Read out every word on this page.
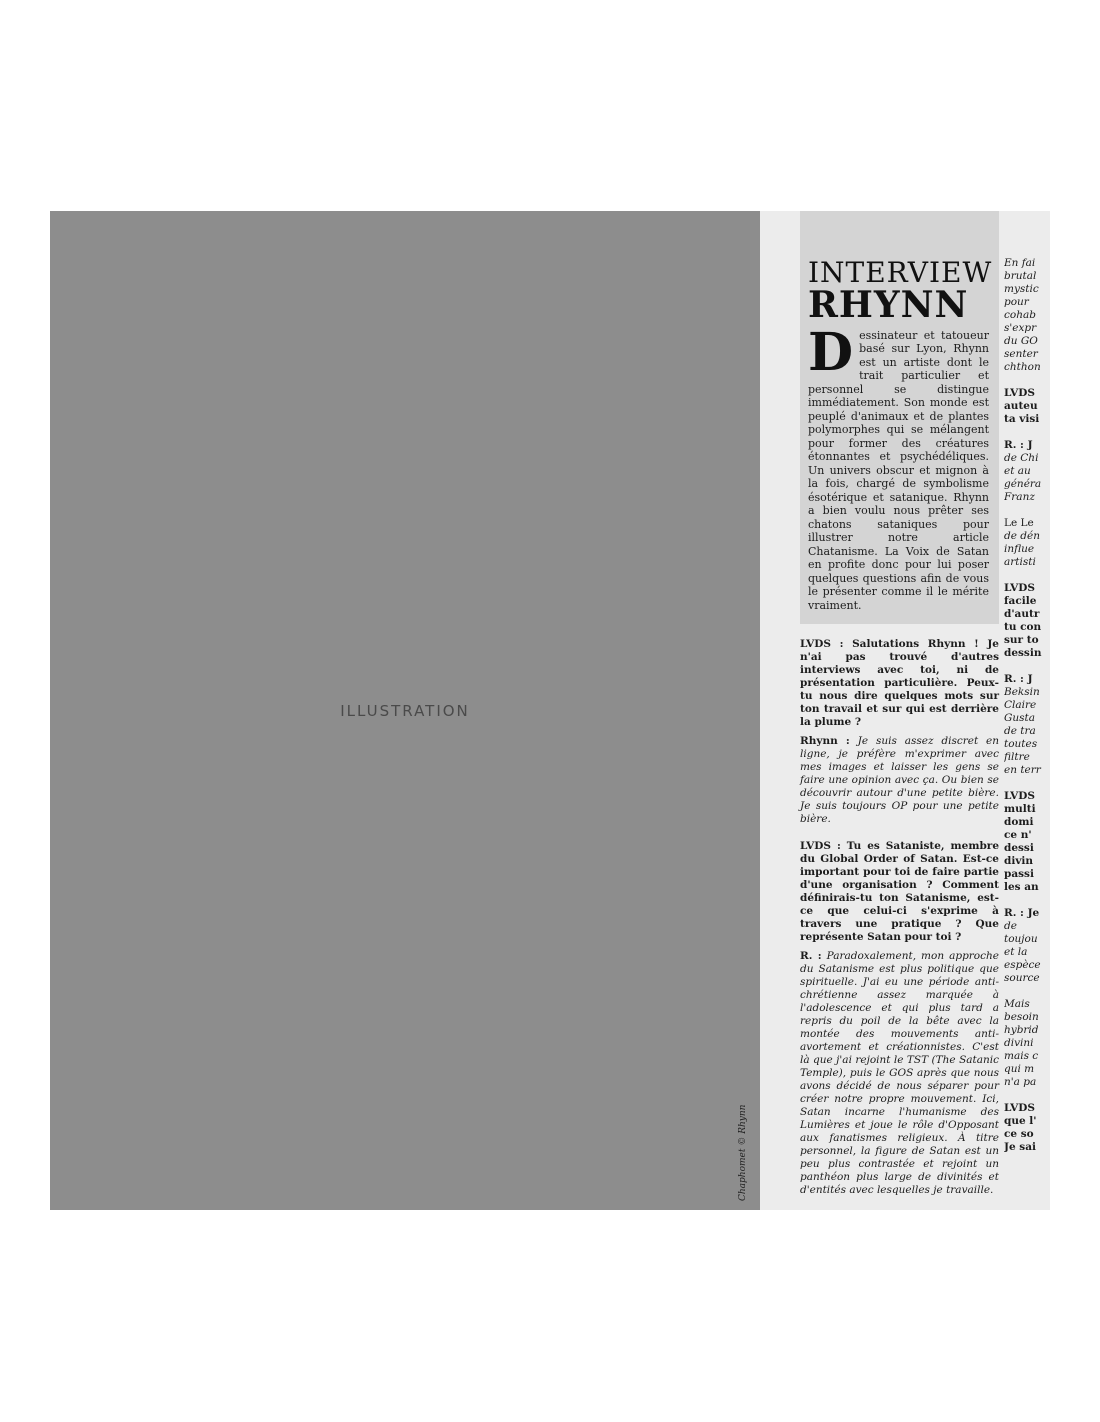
ILLUSTRATION
Chaphomet © Rhynn
INTERVIEW
RHYNN
D essinateur et tatoueur basé sur Lyon, Rhynn est un artiste dont le trait particulier et personnel se distingue immédiatement. Son monde est peuplé d'animaux et de plantes polymorphes qui se mélangent pour former des créatures étonnantes et psychédéliques. Un univers obscur et mignon à la fois, chargé de symbolisme ésotérique et satanique. Rhynn a bien voulu nous prêter ses chatons sataniques pour illustrer notre article Chatanisme. La Voix de Satan en profite donc pour lui poser quelques questions afin de vous le présenter comme il le mérite vraiment.

LVDS : Salutations Rhynn ! Je n'ai pas trouvé d'autres interviews avec toi, ni de présentation particulière. Peux-tu nous dire quelques mots sur ton travail et sur qui est derrière la plume ?

Rhynn : Je suis assez discret en ligne, je préfère m'exprimer avec mes images et laisser les gens se faire une opinion avec ça. Ou bien se découvrir autour d'une petite bière. Je suis toujours OP pour une petite bière.

LVDS : Tu es Sataniste, membre du Global Order of Satan. Est-ce important pour toi de faire partie d'une organisation ? Comment définirais-tu ton Satanisme, est-ce que celui-ci s'exprime à travers une pratique ? Que représente Satan pour toi ?

R. : Paradoxalement, mon approche du Satanisme est plus politique que spirituelle. J'ai eu une période anti-chrétienne assez marquée à l'adolescence et qui plus tard a repris du poil de la bête avec la montée des mouvements anti-avortement et créationnistes. C'est là que j'ai rejoint le TST (The Satanic Temple), puis le GOS après que nous avons décidé de nous séparer pour créer notre propre mouvement. Ici, Satan incarne l'humanisme des Lumières et joue le rôle d'Opposant aux fanatismes religieux. À titre personnel, la figure de Satan est un peu plus contrastée et rejoint un panthéon plus large de divinités et d'entités avec lesquelles je travaille.

En fai
brutal
mystic
pour
cohab
s'expr
du GO
senter
chthon
LVDS
auteu
ta visi
R. : J
de Chi
et au
généra
Franz
Le Le
de dén
influe
artisti
LVDS
facile
d'autr
tu con
sur to
dessin
R. : J
Beksin
Claire
Gusta
de tra
toutes
filtre
en terr
LVDS
multi
domi
ce n'
dessi
divin
passi
les an
R. : Je
de
toujou
et la
espèce
source
Mais
besoin
hybrid
divini
mais c
qui m
n'a pa
LVDS
que l'
ce so
Je sai
